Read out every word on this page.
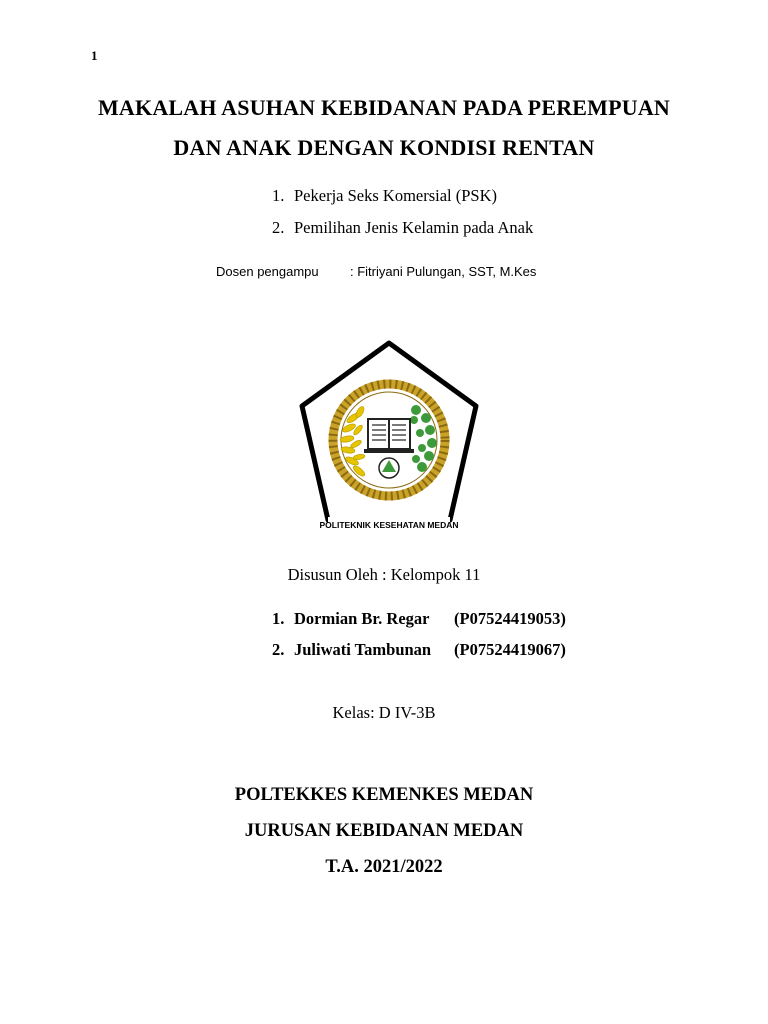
1
MAKALAH ASUHAN KEBIDANAN PADA PEREMPUAN
DAN ANAK DENGAN KONDISI RENTAN
1. Pekerja Seks Komersial (PSK)
2. Pemilihan Jenis Kelamin pada Anak
Dosen pengampu : Fitriyani Pulungan, SST, M.Kes
POLITEKNIK KESEHATAN MEDAN
Disusun Oleh : Kelompok 11
1. Dormian Br. Regar (P07524419053)
2. Juliwati Tambunan (P07524419067)
Kelas: D IV-3B
POLTEKKES KEMENKES MEDAN
JURUSAN KEBIDANAN MEDAN
T.A. 2021/2022
